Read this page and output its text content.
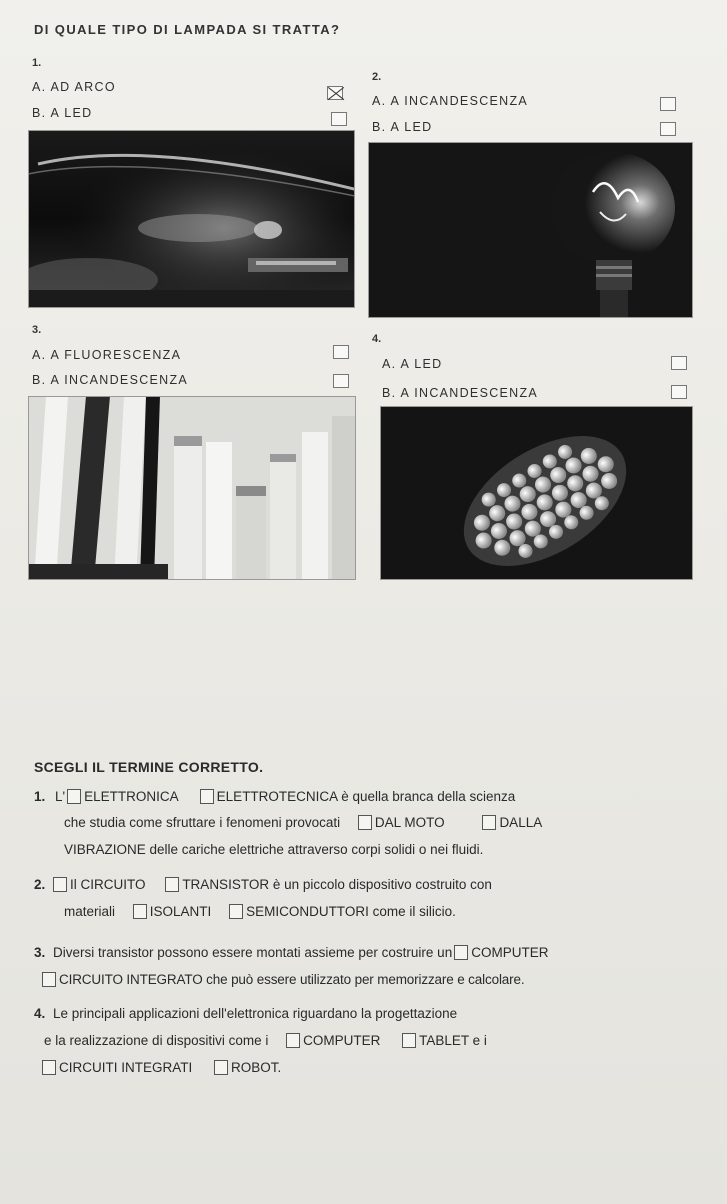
DI QUALE TIPO DI LAMPADA SI TRATTA?
1.
A. AD ARCO
B. A LED
2.
A. A INCANDESCENZA
B. A LED
3.
A. A FLUORESCENZA
B. A INCANDESCENZA
4.
A. A LED
B. A INCANDESCENZA
SCEGLI IL TERMINE CORRETTO.
1. L' ELETTRONICA	ELETTROTECNICA è quella branca della scienza
che studia come sfruttare i fenomeni provocati	DAL MOTO	DALLA
VIBRAZIONE delle cariche elettriche attraverso corpi solidi o nei fluidi.
2. Il CIRCUITO	TRANSISTOR è un piccolo dispositivo costruito con
materiali	ISOLANTI	SEMICONDUTTORI come il silicio.
3. Diversi transistor possono essere montati assieme per costruire un COMPUTER
CIRCUITO INTEGRATO che può essere utilizzato per memorizzare e calcolare.
4. Le principali applicazioni dell'elettronica riguardano la progettazione
e la realizzazione di dispositivi come i	COMPUTER	TABLET e i
CIRCUITI INTEGRATI	ROBOT.
